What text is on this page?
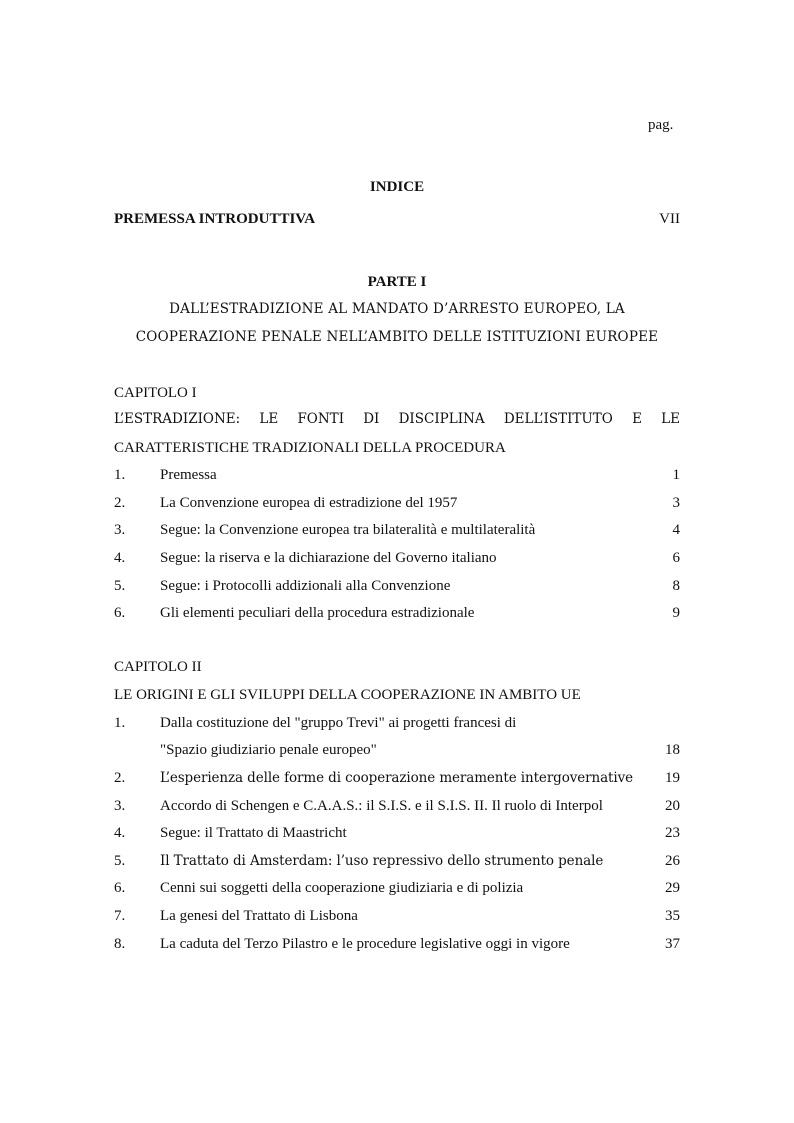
pag.
INDICE
PREMESSA INTRODUTTIVA	VII
PARTE I
DALL’ESTRADIZIONE AL MANDATO D’ARRESTO EUROPEO, LA
COOPERAZIONE PENALE NELL’AMBITO DELLE ISTITUZIONI EUROPEE
CAPITOLO I
L’ESTRADIZIONE: LE FONTI DI DISCIPLINA DELL’ISTITUTO E LE
CARATTERISTICHE TRADIZIONALI DELLA PROCEDURA
1. Premessa	1
2. La Convenzione europea di estradizione del 1957	3
3. Segue: la Convenzione europea tra bilateralità e multilateralità	4
4. Segue: la riserva e la dichiarazione del Governo italiano	6
5. Segue: i Protocolli addizionali alla Convenzione	8
6. Gli elementi peculiari della procedura estradizionale	9
CAPITOLO II
LE ORIGINI E GLI SVILUPPI DELLA COOPERAZIONE IN AMBITO UE
1. Dalla costituzione del "gruppo Trevi" ai progetti francesi di
"Spazio giudiziario penale europeo"	18
2.	L’esperienza delle forme di cooperazione meramente intergovernative 19
3. Accordo di Schengen e C.A.A.S.: il S.I.S. e il S.I.S. II. Il ruolo di Interpol	20
4. Segue: il Trattato di Maastricht	23
5.	Il Trattato di Amsterdam: l’uso repressivo dello strumento penale	26
6. Cenni sui soggetti della cooperazione giudiziaria e di polizia	29
7. La genesi del Trattato di Lisbona	35
8. La caduta del Terzo Pilastro e le procedure legislative oggi in vigore	37
